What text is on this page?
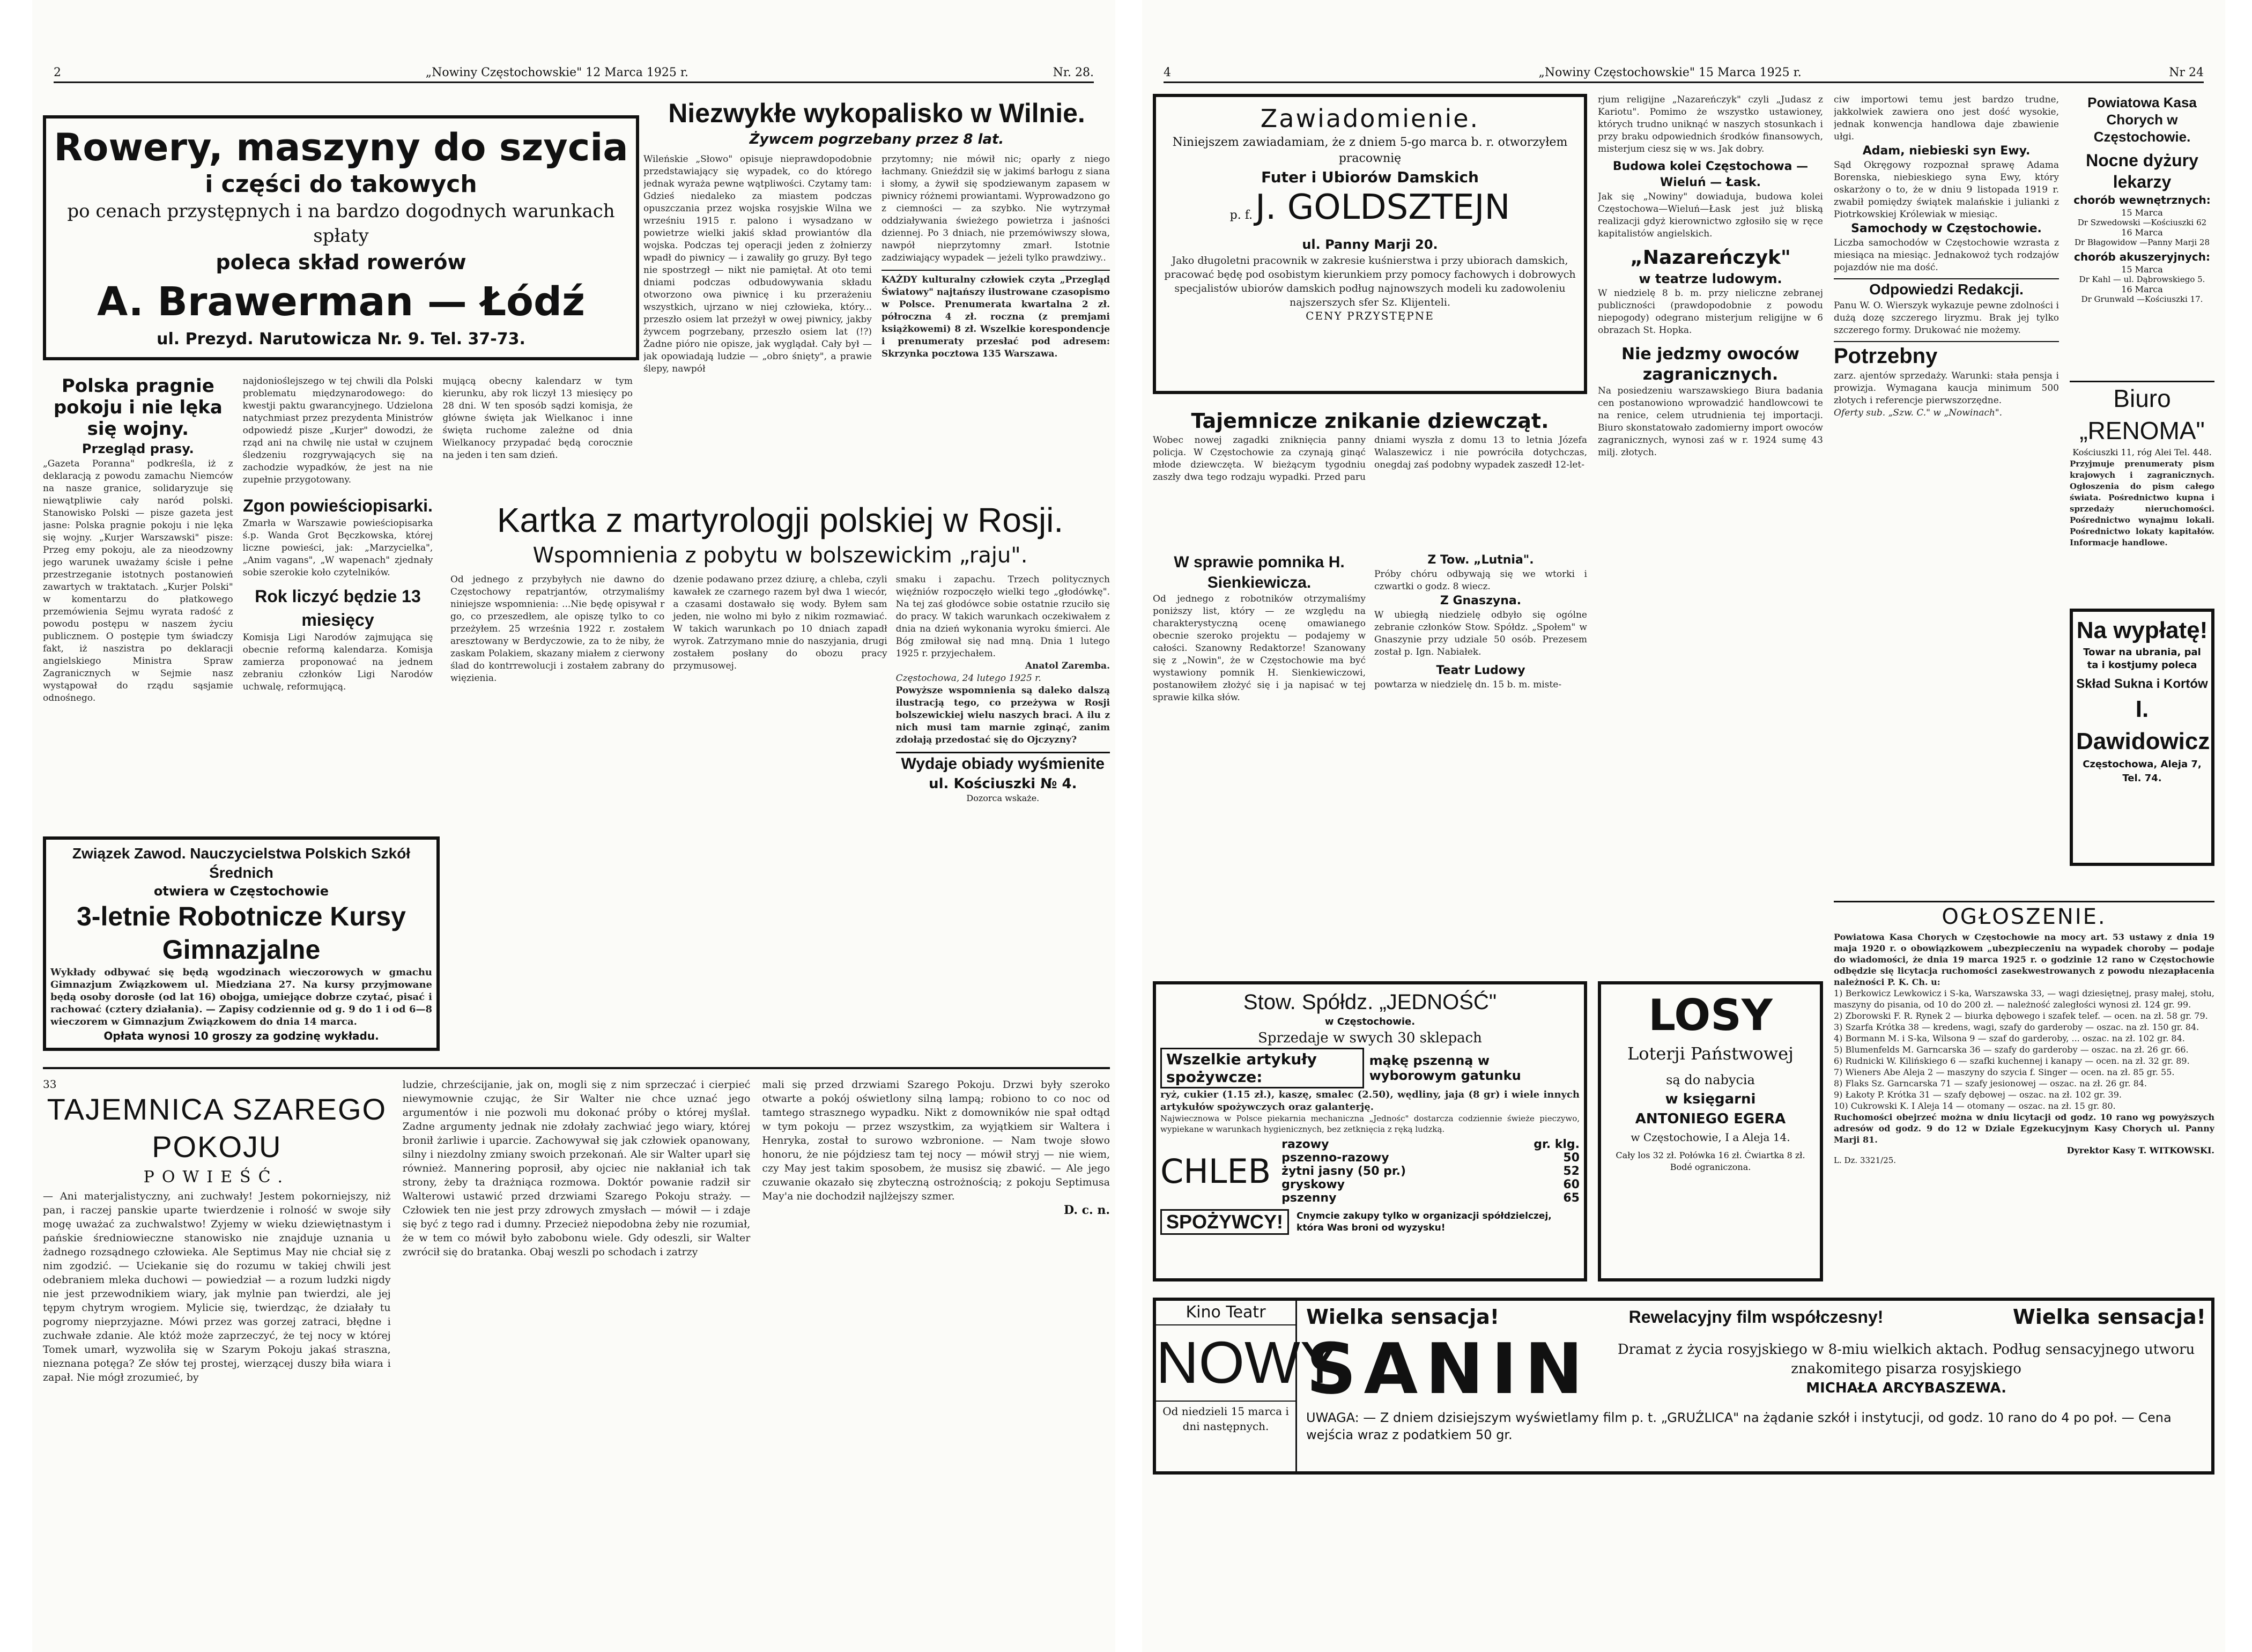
2	„Nowiny Częstochowskie" 12 Marca 1925 r.	Nr. 28.
Rowery, maszyny do szycia
i części do takowych
po cenach przystępnych i na bardzo dogodnych warunkach spłaty
poleca skład rowerów
A. Brawerman — Łódź
ul. Prezyd. Narutowicza Nr. 9. Tel. 37-73.
Niezwykłe wykopalisko w Wilnie.
Żywcem pogrzebany przez 8 lat.
Wileńskie „Słowo" opisuje nieprawdopodobnie przedstawiający się wypadek, co do którego jednak wyraża pewne wątpliwości. Czytamy tam: Gdzieś niedaleko za miastem podczas opuszczania przez wojska rosyjskie Wilna we wrześniu 1915 r. palono i wysadzano w powietrze wielki jakiś skład prowiantów dla wojska. Podczas tej operacji jeden z żołnierzy wpadł do piwnicy — i zawaliły go gruzy. Był tego nie spostrzegł — nikt nie pamiętał. At oto temi dniami podczas odbudowywania składu otworzono owa piwnicę i ku przerażeniu wszystkich, ujrzano w niej człowieka, który... przeszło osiem lat przeżył w owej piwnicy, jakby żywcem pogrzebany, przeszło osiem lat (!?) Żadne pióro nie opisze, jak wyglądał. Cały był — jak opowiadają ludzie — „obro śnięty", a prawie ślepy, nawpół
przytomny; nie mówił nic; oparły z niego łachmany. Gnieździł się w jakimś barłogu z siana i słomy, a żywił się spodziewanym zapasem w piwnicy różnemi prowiantami. Wyprowadzono go z ciemności — za szybko. Nie wytrzymał oddziaływania świeżego powietrza i jaśności dziennej. Po 3 dniach, nie przemówiwszy słowa, nawpół nieprzytomny zmarł. Istotnie zadziwiający wypadek — jeżeli tylko prawdziwy..
KAŻDY kulturalny człowiek czyta „Przegląd Światowy" najtańszy ilustrowane czasopismo w Polsce. Prenumerata kwartalna 2 zł. półroczna 4 zł. roczna (z premjami książkowemi) 8 zł. Wszelkie korespondencje i prenumeraty przesłać pod adresem: Skrzynka pocztowa 135 Warszawa.
Polska pragnie pokoju i nie lęka się wojny.
Przegląd prasy.
„Gazeta Poranna" podkreśla, iż z deklaracją z powodu zamachu Niemców na nasze granice, solidaryzuje się niewątpliwie cały naród polski. Stanowisko Polski — pisze gazeta jest jasne: Polska pragnie pokoju i nie lęka się wojny. „Kurjer Warszawski" pisze: Przeg emy pokoju, ale za nieodzowny jego warunek uważamy ścisłe i pełne przestrzeganie istotnych postanowień zawartych w traktatach. „Kurjer Polski" w komentarzu do płatkowego przemówienia Sejmu wyrata radość z powodu postępu w naszem życiu publicznem. O postępie tym świadczy fakt, iż naszistra po deklaracji angielskiego Ministra Spraw Zagranicznych w Sejmie nasz wystąpował do rządu sąsjamie odnośnego.
najdonioślejszego w tej chwili dla Polski problematu międzynarodowego: do kwestji paktu gwarancyjnego. Udzielona natychmiast przez prezydenta Ministrów odpowiedź pisze „Kurjer" dowodzi, że rząd ani na chwilę nie ustał w czujnem śledzeniu rozgrywających się na zachodzie wypadków, że jest na nie zupełnie przygotowany.
Zgon powieściopisarki.
Zmarła w Warszawie powieściopisarka ś.p. Wanda Grot Bęczkowska, której liczne powieści, jak: „Marzycielka", „Anim vagans", „W wapenach" zjednały sobie szerokie koło czytelników.
Rok liczyć będzie 13 miesięcy
Komisja Ligi Narodów zajmująca się obecnie reformą kalendarza. Komisja zamierza proponować na jednem zebraniu członków Ligi Narodów uchwalę, reformującą.
mującą obecny kalendarz w tym kierunku, aby rok liczył 13 miesięcy po 28 dni. W ten sposób sądzi komisja, że główne święta jak Wielkanoc i inne święta ruchome zależne od dnia Wielkanocy przypadać będą corocznie na jeden i ten sam dzień.
Związek Zawod. Nauczycielstwa Polskich Szkół Średnich
otwiera w Częstochowie
3-letnie Robotnicze Kursy Gimnazjalne
Wykłady odbywać się będą wgodzinach wieczorowych w gmachu Gimnazjum Związkowem ul. Miedziana 27. Na kursy przyjmowane będą osoby dorosłe (od lat 16) obojga, umiejące dobrze czytać, pisać i rachować (cztery działania). — Zapisy codziennie od g. 9 do 1 i od 6—8 wieczorem w Gimnazjum Związkowem do dnia 14 marca.
Opłata wynosi 10 groszy za godzinę wykładu.
Kartka z martyrologji polskiej w Rosji.
Wspomnienia z pobytu w bolszewickim „raju".
Od jednego z przybyłych nie dawno do Częstochowy repatrjantów, otrzymaliśmy niniejsze wspomnienia: ...Nie będę opisywał r go, co przeszedłem, ale opiszę tylko to co przeżyłem. 25 września 1922 r. zostałem aresztowany w Berdyczowie, za to że niby, że zaskam Polakiem, skazany miałem z cierwony ślad do kontrrewolucji i zostałem zabrany do więzienia.
dzenie podawano przez dziurę, a chleba, czyli kawałek ze czarnego razem był dwa 1 wiecór, a czasami dostawało się wody. Byłem sam jeden, nie wolno mi było z nikim rozmawiać. W takich warunkach po 10 dniach zapadł wyrok. Zatrzymano mnie do naszyjania, drugi zostałem posłany do obozu pracy przymusowej.
smaku i zapachu. Trzech politycznych więźniów rozpoczęło wielki tego „głodówkę". Na tej zaś głodówce sobie ostatnie rzuciło się do pracy. W takich warunkach oczekiwałem z dnia na dzień wykonania wyroku śmierci. Ale Bóg zmiłował się nad mną. Dnia 1 lutego 1925 r. przyjechałem.
Anatol Zaremba.
Częstochowa, 24 lutego 1925 r.
Powyższe wspomnienia są daleko dalszą ilustracją tego, co przeżywa w Rosji bolszewickiej wielu naszych braci. A ilu z nich musi tam marnie zginąć, zanim zdołają przedostać się do Ojczyzny?
Wydaje obiady wyśmienite
ul. Kościuszki № 4.
Dozorca wskaże.
33
TAJEMNICA SZAREGO POKOJU
POWIEŚĆ.
— Ani materjalistyczny, ani zuchwały! Jestem pokorniejszy, niż pan, i raczej panskie uparte twierdzenie i rolność w swoje siły mogę uważać za zuchwalstwo! Zyjemy w wieku dziewiętnastym i pańskie średniowieczne stanowisko nie znajduje uznania u żadnego rozsądnego człowieka. Ale Septimus May nie chciał się z nim zgodzić. — Uciekanie się do rozumu w takiej chwili jest odebraniem mleka duchowi — powiedział — a rozum ludzki nigdy nie jest przewodnikiem wiary, jak mylnie pan twierdzi, ale jej tępym chytrym wrogiem. Mylicie się, twierdząc, że działały tu pogromy nieprzyjazne. Mówi przez was gorzej zatraci, błędne i zuchwałe zdanie. Ale któż może zaprzeczyć, że tej nocy w której Tomek umarł, wyzwoliła się w Szarym Pokoju jakaś straszna, nieznana potęga? Ze słów tej prostej, wierzącej duszy biła wiara i zapał. Nie mógł zrozumieć, by
ludzie, chrześcijanie, jak on, mogli się z nim sprzeczać i cierpieć niewymownie czując, że Sir Walter nie chce uznać jego argumentów i nie pozwoli mu dokonać próby o której myślał. Zadne argumenty jednak nie zdołały zachwiać jego wiary, której bronił żarliwie i uparcie. Zachowywał się jak człowiek opanowany, silny i niezdolny zmiany swoich przekonań. Ale sir Walter uparł się również. Mannering poprosił, aby ojciec nie nakłaniał ich tak strony, żeby ta drażniąca rozmowa. Doktór powanie radził sir Walterowi ustawić przed drzwiami Szarego Pokoju straży. — Człowiek ten nie jest przy zdrowych zmysłach — mówił — i zdaje się być z tego rad i dumny. Przecież niepodobna żeby nie rozumiał, że w tem co mówił było zabobonu wiele. Gdy odeszli, sir Walter zwrócił się do bratanka. Obaj weszli po schodach i zatrzy
mali się przed drzwiami Szarego Pokoju. Drzwi były szeroko otwarte a pokój oświetlony silną lampą; robiono to co noc od tamtego strasznego wypadku. Nikt z domowników nie spał odtąd w tym pokoju — przez wszystkim, za wyjątkiem sir Waltera i Henryka, został to surowo wzbronione. — Nam twoje słowo honoru, że nie pójdziesz tam tej nocy — mówił stryj — nie wiem, czy May jest takim sposobem, że musisz się zbawić. — Ale jego czuwanie okazało się zbyteczną ostrożnością; z pokoju Septimusa May'a nie dochodził najlżejszy szmer.
D. c. n.
4	„Nowiny Częstochowskie" 15 Marca 1925 r.	Nr 24
Zawiadomienie.
Niniejszem zawiadamiam, że z dniem 5-go marca b. r. otworzyłem pracownię
Futer i Ubiorów Damskich
p. f. J. GOLDSZTEJN
ul. Panny Marji 20.
Jako długoletni pracownik w zakresie kuśnierstwa i przy ubiorach damskich, pracować będę pod osobistym kierunkiem przy pomocy fachowych i dobrowych specjalistów ubiorów damskich podług najnowszych modeli ku zadowoleniu najszerszych sfer Sz. Klijenteli.
CENY PRZYSTĘPNE
Tajemnicze znikanie dziewcząt.
Wobec nowej zagadki zniknięcia panny policja. W Częstochowie za czynają ginąć młode dziewczęta. W bieżącym tygodniu zaszły dwa tego rodzaju wypadki. Przed paru dniami wyszła z domu 13 to letnia Józefa Walaszewicz i nie powróciła dotychczas, onegdaj zaś podobny wypadek zaszedł 12-let-
W sprawie pomnika H. Sienkiewicza.
Od jednego z robotników otrzymaliśmy poniższy list, który — ze względu na charakterystyczną ocenę omawianego obecnie szeroko projektu — podajemy w całości. Szanowny Redaktorze! Szanowany się z „Nowin", że w Częstochowie ma być wystawiony pomnik H. Sienkiewiczowi, postanowiłem złożyć się i ja napisać w tej sprawie kilka słów.
Z Tow. „Lutnia".
Próby chóru odbywają się we wtorki i czwartki o godz. 8 wiecz.
Z Gnaszyna.
W ubiegłą niedzielę odbyło się ogólne zebranie członków Stow. Spółdz. „Społem" w Gnaszynie przy udziale 50 osób. Prezesem został p. Ign. Nabiałek.
Teatr Ludowy
powtarza w niedzielę dn. 15 b. m. miste-
rjum religijne „Nazareńczyk" czyli „Judasz z Kariotu". Pomimo że wszystko ustawioney, których trudno uniknąć w naszych stosunkach i przy braku odpowiednich środków finansowych, misterjum ciesz się w ws. Jak dobry.
Budowa kolei Częstochowa — Wieluń — Łask.
Jak się „Nowiny" dowiaduja, budowa kolei Częstochowa—Wieluń—Łask jest już bliską realizacji gdyż kierownictwo zgłosiło się w ręce kapitalistów angielskich.
„Nazareńczyk"
w teatrze ludowym.
W niedzielę 8 b. m. przy nieliczne zebranej publiczności (prawdopodobnie z powodu niepogody) odegrano misterjum religijne w 6 obrazach St. Hopka.
Nie jedzmy owoców zagranicznych.
Na posiedzeniu warszawskiego Biura badania cen postanowiono wprowadzić handlowcowi te na renice, celem utrudnienia tej importacji. Biuro skonstatowało zadomierny import owoców zagranicznych, wynosi zaś w r. 1924 sumę 43 milj. złotych.
ciw importowi temu jest bardzo trudne, jakkolwiek zawiera ono jest dość wysokie, jednak konwencja handlowa daje zbawienie ułgi.
Adam, niebieski syn Ewy.
Sąd Okręgowy rozpoznał sprawę Adama Borenska, niebieskiego syna Ewy, który oskarżony o to, że w dniu 9 listopada 1919 r. zwabił pomiędzy świątek malańskie i julianki z Piotrkowskiej Królewiak w miesiąc.
Samochody w Częstochowie.
Liczba samochodów w Częstochowie wzrasta z miesiąca na miesiąc. Jednakowoż tych rodzajów pojazdów nie ma dość.
Odpowiedzi Redakcji.
Panu W. O. Wierszyk wykazuje pewne zdolności i dużą dozę szczerego liryzmu. Brak jej tylko szczerego formy. Drukować nie możemy.
Potrzebny
zarz. ajentów sprzedaży. Warunki: stała pensja i prowizja. Wymagana kaucja minimum 500 złotych i referencje pierwszorzędne.
Oferty sub. „Szw. C." w „Nowinach".
Powiatowa Kasa Chorych w Częstochowie.
Nocne dyżury lekarzy
chorób wewnętrznych:
15 Marca
Dr Szwedowski —Kościuszki 62
16 Marca
Dr Błagowidow —Panny Marji 28
chorób akuszeryjnych:
15 Marca
Dr Kahl — ul. Dąbrowskiego 5.
16 Marca
Dr Grunwald —Kościuszki 17.
Biuro „RENOMA"
Kościuszki 11, róg Alei Tel. 448.
Przyjmuje prenumeraty pism krajowych i zagranicznych. Ogłoszenia do pism całego świata. Pośrednictwo kupna i sprzedaży nieruchomości. Pośrednictwo wynajmu lokali. Pośrednictwo lokaty kapitałów. Informacje handlowe.
Na wypłatę!
Towar na ubrania, pal ta i kostjumy poleca
Skład Sukna i Kortów
I. Dawidowicz
Częstochowa, Aleja 7, Tel. 74.
OGŁOSZENIE.
Powiatowa Kasa Chorych w Częstochowie na mocy art. 53 ustawy z dnia 19 maja 1920 r. o obowiązkowem „ubezpieczeniu na wypadek choroby — podaje do wiadomości, że dnia 19 marca 1925 r. o godzinie 12 rano w Częstochowie odbędzie się licytacja ruchomości zasekwestrowanych z powodu niezapłacenia należności P. K. Ch. u:
1) Berkowicz Lewkowicz i S-ka, Warszawska 33, — wagi dziesiętnej, prasy małej, stołu, maszyny do pisania, od 10 do 200 zł. — należność zaległości wynosi zł. 124 gr. 99.
2) Zborowski F. R. Rynek 2 — biurka dębowego i szafek telef. — ocen. na zł. 58 gr. 79.
3) Szarfa Krótka 38 — kredens, wagi, szafy do garderoby — oszac. na zł. 150 gr. 84.
4) Bormann M. i S-ka, Wilsona 9 — szaf do garderoby, ... oszac. na zł. 102 gr. 84.
5) Blumenfelds M. Garncarska 36 — szafy do garderoby — oszac. na zł. 26 gr. 66.
6) Rudnicki W. Kilińskiego 6 — szafki kuchennej i kanapy — ocen. na zł. 32 gr. 89.
7) Wieners Abe Aleja 2 — maszyny do szycia f. Singer — ocen. na zł. 85 gr. 55.
8) Flaks Sz. Garncarska 71 — szafy jesionowej — oszac. na zł. 26 gr. 84.
9) Łakoty P. Krótka 31 — szafy dębowej — oszac. na zł. 102 gr. 39.
10) Cukrowski K. I Aleja 14 — otomany — oszac. na zł. 15 gr. 80.
Ruchomości obejrzeć można w dniu licytacji od godz. 10 rano wg powyższych adresów od godz. 9 do 12 w Dziale Egzekucyjnym Kasy Chorych ul. Panny Marji 81.
Dyrektor Kasy T. WITKOWSKI.
L. Dz. 3321/25.
Stow. Spółdz. „JEDNOŚĆ"
w Częstochowie.
Sprzedaje w swych 30 sklepach
Wszelkie artykuły spożywcze:
mąkę pszenną w wyborowym gatunku
ryż, cukier (1.15 zł.), kaszę, smalec (2.50), wędliny, jaja (8 gr) i wiele innych artykułów spożywczych oraz galanterję.
Najwiecznowa w Polsce piekarnia mechaniczna „Jednośc" dostarcza codziennie świeże pieczywo, wypiekane w warunkach hygienicznych, bez zetknięcia z ręką ludzką.
CHLEB
razowy	gr. klg.
pszenno-razowy	50
żytni jasny (50 pr.)	52
gryskowy	60
pszenny	65
SPOŻYWCY!	Cnymcie zakupy tylko w organizacji spółdzielczej, która Was broni od wyzysku!
LOSY
Loterji Państwowej
są do nabycia
w księgarni
ANTONIEGO EGERA
w Częstochowie, I a Aleja 14.
Cały los 32 zł. Połówka 16 zł. Ćwiartka 8 zł. Bodé ograniczona.
Kino Teatr
NOWY
Od niedzieli 15 marca i dni następnych.
Wielka sensacja!	Rewelacyjny film współczesny!	Wielka sensacja!
SANIN	Dramat z życia rosyjskiego w 8-miu wielkich aktach. Podług sensacyjnego utworu znakomitego pisarza rosyjskiego
MICHAŁA ARCYBASZEWA.
UWAGA: — Z dniem dzisiejszym wyświetlamy film p. t. „GRUŹLICA" na żądanie szkół i instytucji, od godz. 10 rano do 4 po poł. — Cena wejścia wraz z podatkiem 50 gr.
